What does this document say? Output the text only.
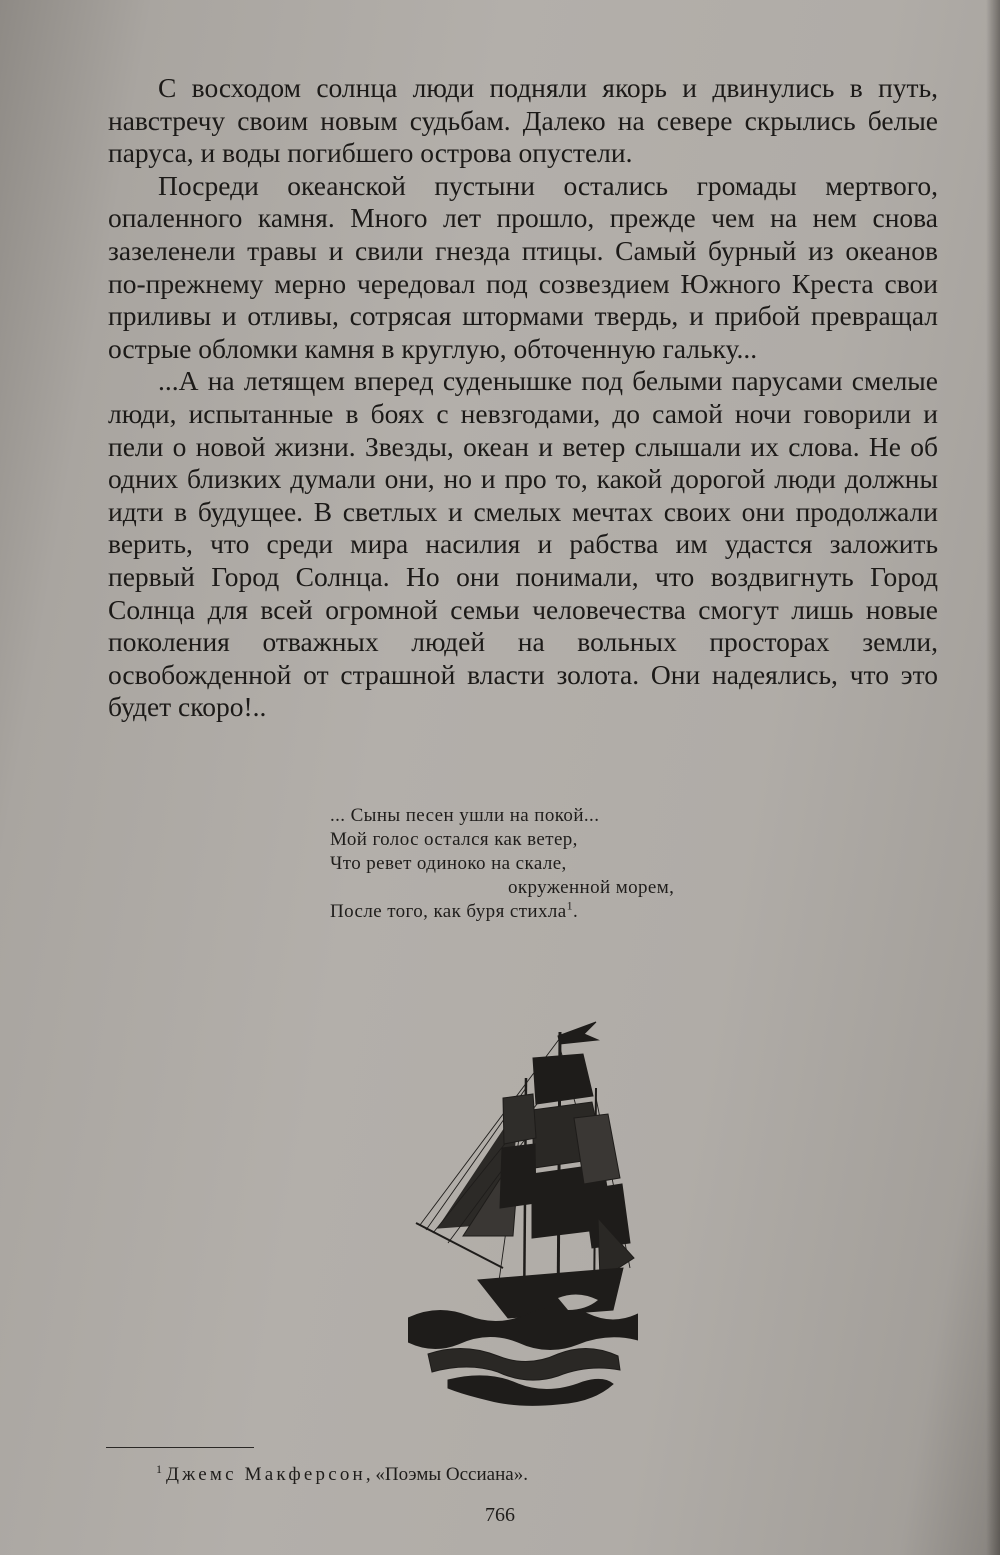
С восходом солнца люди подняли якорь и двинулись в путь, навстречу своим новым судьбам. Далеко на севере скрылись белые паруса, и воды погибшего острова опустели.

Посреди океанской пустыни остались громады мертвого, опаленного камня. Много лет прошло, прежде чем на нем снова зазеленели травы и свили гнезда птицы. Самый бурный из океанов по-прежнему мерно чередовал под созвездием Южного Креста свои приливы и отливы, сотрясая штормами твердь, и прибой превращал острые обломки камня в круглую, обточенную гальку...

...А на летящем вперед суденышке под белыми парусами смелые люди, испытанные в боях с невзгодами, до самой ночи говорили и пели о новой жизни. Звезды, океан и ветер слышали их слова. Не об одних близких думали они, но и про то, какой дорогой люди должны идти в будущее. В светлых и смелых мечтах своих они продолжали верить, что среди мира насилия и рабства им удастся заложить первый Город Солнца. Но они понимали, что воздвигнуть Город Солнца для всей огромной семьи человечества смогут лишь новые поколения отважных людей на вольных просторах земли, освобожденной от страшной власти золота. Они надеялись, что это будет скоро!..

... Сыны песен ушли на покой...
Мой голос остался как ветер,
Что ревет одиноко на скале,
окруженной морем,
После того, как буря стихла$^1$.
$^1$ Джемс Макферсон, «Поэмы Оссиана».
766
